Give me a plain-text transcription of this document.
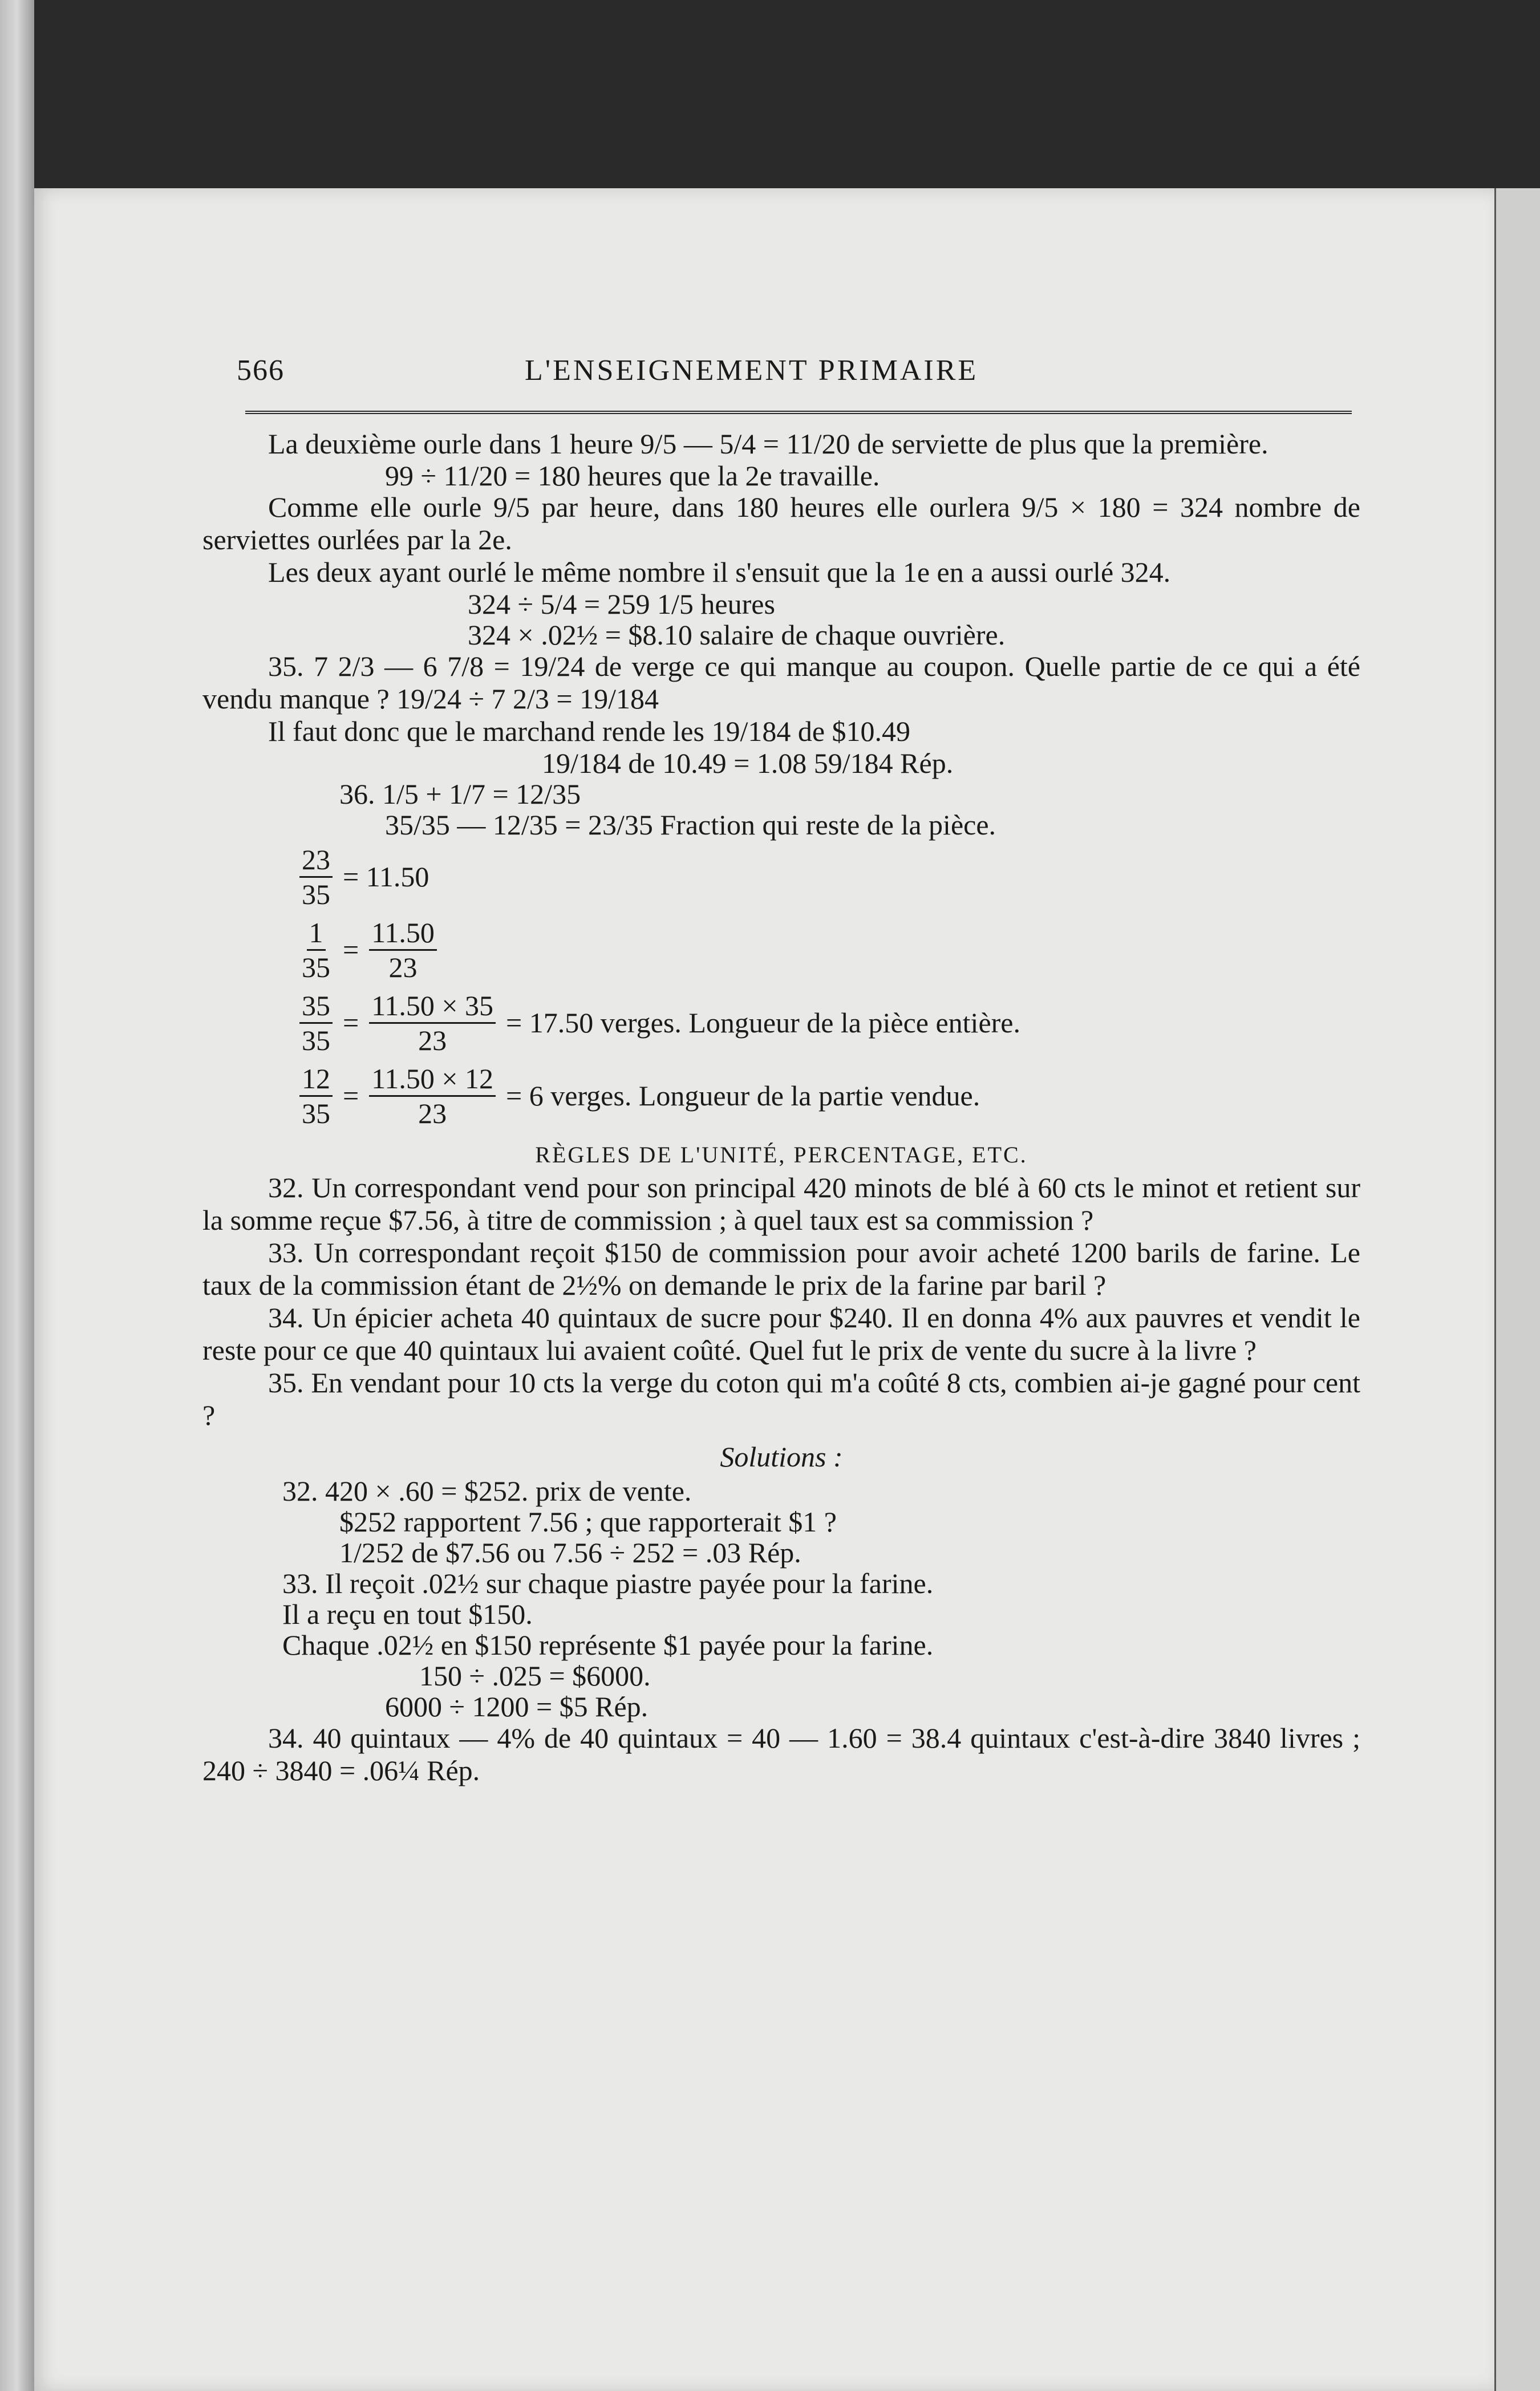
566	L'ENSEIGNEMENT PRIMAIRE

La deuxième ourle dans 1 heure 9/5 — 5/4 = 11/20 de serviette de plus que la première.

99 ÷ 11/20 = 180 heures que la 2e travaille.

Comme elle ourle 9/5 par heure, dans 180 heures elle ourlera 9/5 × 180 = 324 nombre de serviettes ourlées par la 2e.

Les deux ayant ourlé le même nombre il s'ensuit que la 1e en a aussi ourlé 324.

324 ÷ 5/4 = 259 1/5 heures

324 × .02½ = $8.10 salaire de chaque ouvrière.

35. 7 2/3 — 6 7/8 = 19/24 de verge ce qui manque au coupon. Quelle partie de ce qui a été vendu manque ? 19/24 ÷ 7 2/3 = 19/184

Il faut donc que le marchand rende les 19/184 de $10.49

19/184 de 10.49 = 1.08 59/184 Rép.

36. 1/5 + 1/7 = 12/35

35/35 — 12/35 = 23/35 Fraction qui reste de la pièce.

$\frac{23}{35} = 11.50$
$\frac{1}{35} = \frac{11.50}{23}$
$\frac{35}{35} = \frac{11.50 \times 35}{23} = 17.50$ verges. Longueur de la pièce entière.
$\frac{12}{35} = \frac{11.50 \times 12}{23} = 6$ verges. Longueur de la partie vendue.
RÈGLES DE L'UNITÉ, PERCENTAGE, ETC.

32. Un correspondant vend pour son principal 420 minots de blé à 60 cts le minot et retient sur la somme reçue $7.56, à titre de commission ; à quel taux est sa commission ?

33. Un correspondant reçoit $150 de commission pour avoir acheté 1200 barils de farine. Le taux de la commission étant de 2½% on demande le prix de la farine par baril ?

34. Un épicier acheta 40 quintaux de sucre pour $240. Il en donna 4% aux pauvres et vendit le reste pour ce que 40 quintaux lui avaient coûté. Quel fut le prix de vente du sucre à la livre ?

35. En vendant pour 10 cts la verge du coton qui m'a coûté 8 cts, combien ai-je gagné pour cent ?

Solutions :

32. 420 × .60 = $252. prix de vente.

$252 rapportent 7.56 ; que rapporterait $1 ?

1/252 de $7.56 ou 7.56 ÷ 252 = .03 Rép.

33. Il reçoit .02½ sur chaque piastre payée pour la farine.

Il a reçu en tout $150.

Chaque .02½ en $150 représente $1 payée pour la farine.

150 ÷ .025 = $6000.

6000 ÷ 1200 = $5 Rép.

34. 40 quintaux — 4% de 40 quintaux = 40 — 1.60 = 38.4 quintaux c'est-à-dire 3840 livres ; 240 ÷ 3840 = .06¼ Rép.
